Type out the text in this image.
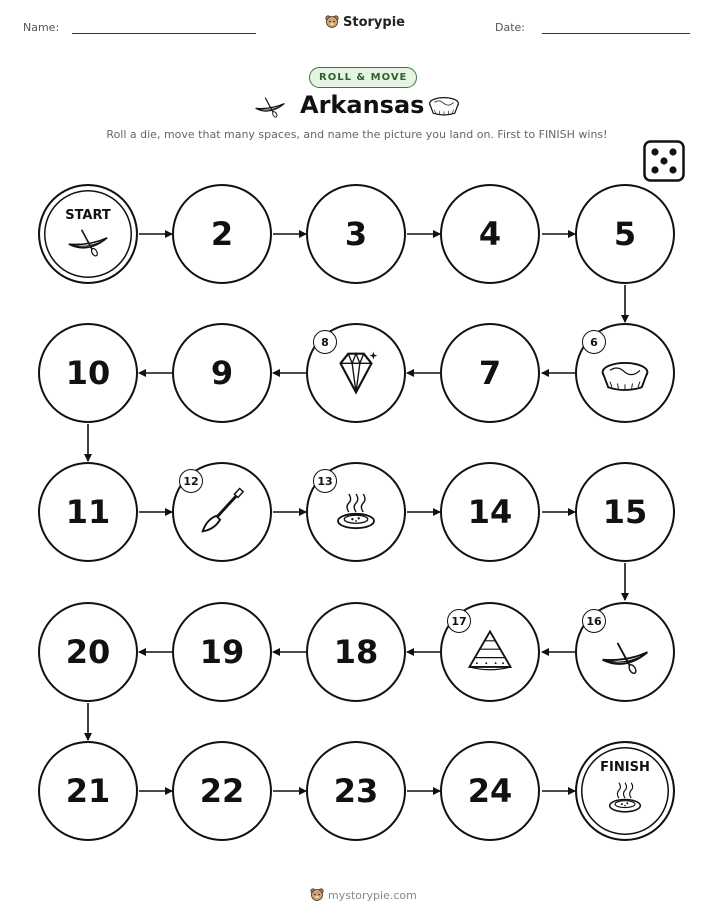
Name:	Storypie	Date:
ROLL & MOVE
Arkansas
Roll a die, move that many spaces, and name the picture you land on. First to FINISH wins!
START	2	3	4	5
10	9
8
7
6
11
12	13
14	15
20	19	18
17	16
21	22	23	24
FINISH
mystorypie.com
